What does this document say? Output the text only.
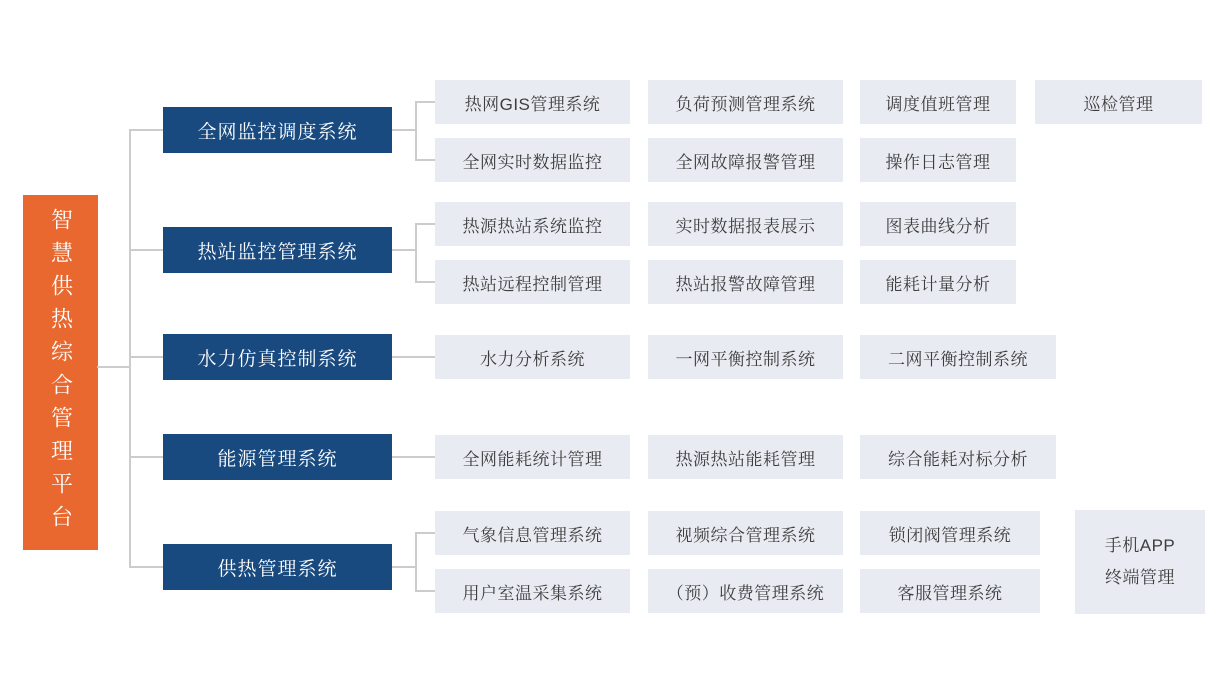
智慧供热综合管理平台
全网监控调度系统
热站监控管理系统
水力仿真控制系统
能源管理系统
供热管理系统
热网GIS管理系统	负荷预测管理系统	调度值班管理	巡检管理
全网实时数据监控	全网故障报警管理	操作日志管理
热源热站系统监控	实时数据报表展示	图表曲线分析
热站远程控制管理	热站报警故障管理	能耗计量分析
水力分析系统	一网平衡控制系统	二网平衡控制系统
全网能耗统计管理	热源热站能耗管理	综合能耗对标分析
气象信息管理系统	视频综合管理系统	锁闭阀管理系统
用户室温采集系统	（预）收费管理系统	客服管理系统
手机APP
终端管理
